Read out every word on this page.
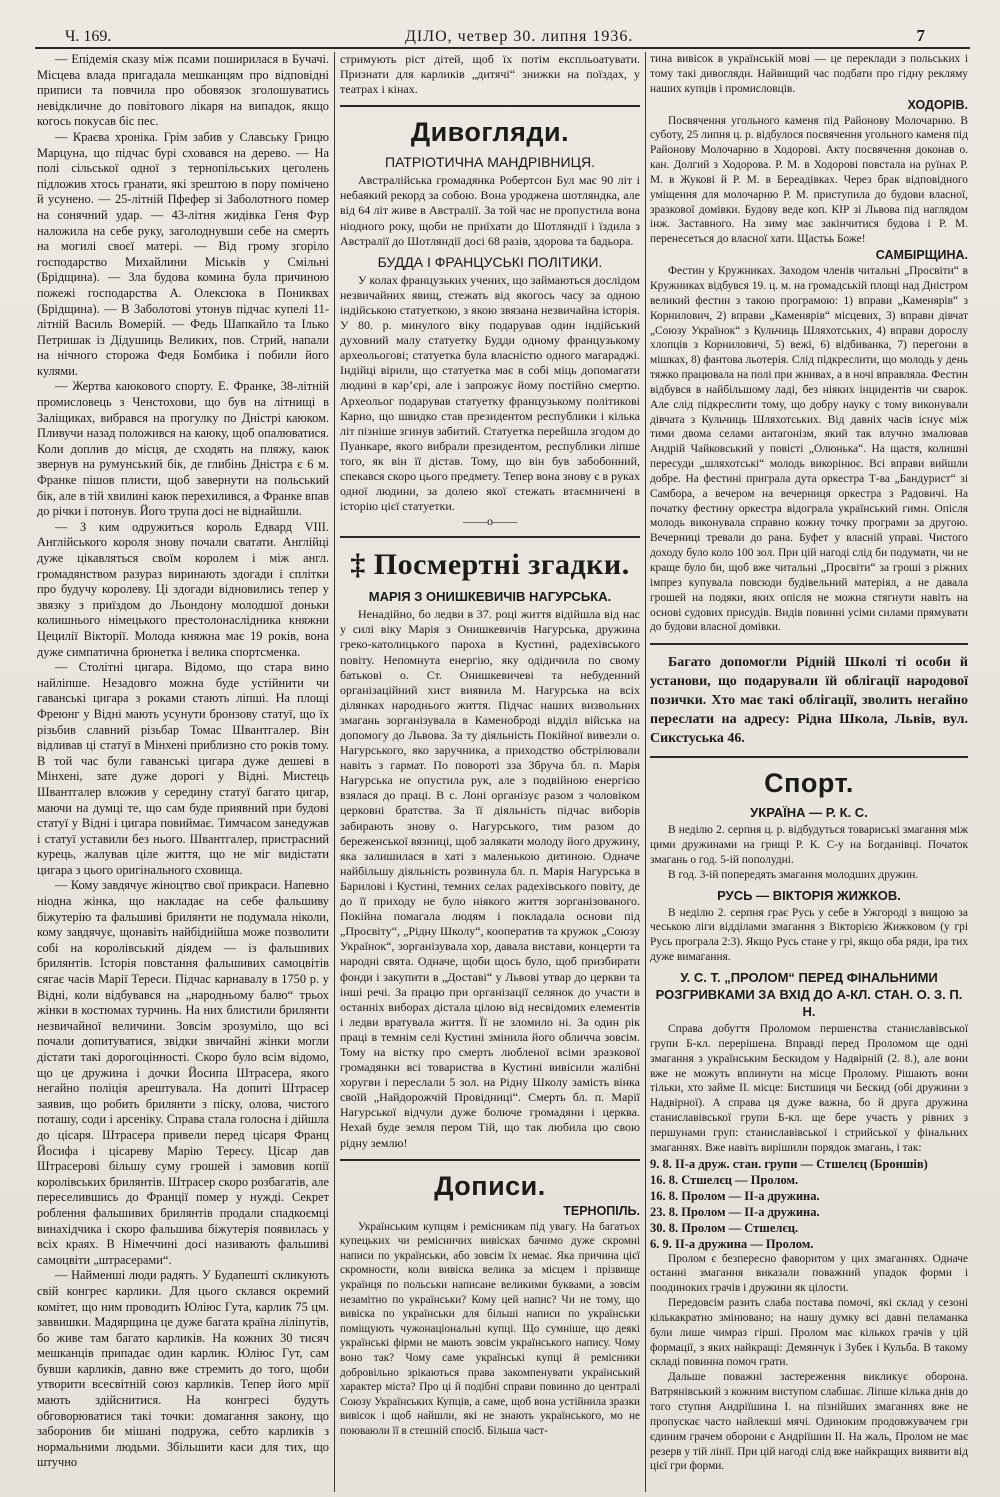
Ч. 169.	ДІЛО, четвер 30. липня 1936.	7

— Епідемія сказу між псами поширилася в Бучачі. Місцева влада пригадала мешканцям про відповідні приписи та повчила про обовязок зголошуватись невідкличне до повітового лікаря на випадок, якщо когось покусав біс пес.

— Краєва хроніка. Грім забив у Славську Грицю Марцуна, що підчас бурі сховався на дерево. — На полі сільської одної з тернопільських цеголень підложив хтось гранати, які зрештою в пору помічено й усунено. — 25-літній Пфефер зі Заболотного помер на сонячний удар. — 43-літня жидівка Геня Фур наложила на себе руку, заголоднувши себе на смерть на могилі своєї матері. — Від грому згоріло господарство Михайлини Міськів у Смільні (Брідщина). — Зла будова комина була причиною пожежі господарства А. Олексюка в Пониквах (Брідщина). — В Заболотові утонув підчас купелі 11-літній Василь Вомерій. — Федь Шапкайло та Ілько Петришак із Дідушиць Великих, пов. Стрий, напали на нічного сторожа Федя Бомбика і побили його кулями.

— Жертва каюкового спорту. Е. Франке, 38-літній промисловець з Ченстохови, що був на літнищі в Заліщиках, вибрався на прогулку по Дністрі каюком. Пливучи назад положився на каюку, щоб опалюватися. Коли доплив до місця, де сходять на пляжу, каюк звернув на румунський бік, де глибінь Дністра є 6 м. Франке пішов плисти, щоб завернути на польський бік, але в тій хвилині каюк перехилився, а Франке впав до річки і потонув. Його трупа досі не віднайшли.

— З ким одружиться король Едвард VIII. Англійського короля знову почали сватати. Англійці дуже цікавляться своїм королем і між англ. громадянством разураз виринають здогади і сплітки про будучу королеву. Ці здогади відновились тепер у звязку з приїздом до Льондону молодшої доньки колишнього німецького престолонаслідника княжни Цецилії Вікторії. Молода княжна має 19 років, вона дуже симпатична брюнетка і велика спортсменка.

— Столітні цигара. Відомо, що стара вино найліпше. Незадовго можна буде устійнити чи гаванські цигара з роками стають ліпші. На площі Фреюнг у Відні мають усунути бронзову статуї, що їх різьбив славний різьбар Томас Швантгалер. Він відливав ці статуї в Мінхені приблизно сто років тому. В той час були гаванські цигара дуже дешеві в Мінхені, зате дуже дорогі у Відні. Мистець Швантгалер вложив у середину статуї багато цигар, маючи на думці те, що сам буде приявний при будові статуї у Відні і цигара повиймає. Тимчасом занедужав і статуї уставили без нього. Швантгалер, пристрасний курець, жалував ціле життя, що не міг видістати цигара з цього оригінального сховища.

— Кому завдячує жіноцтво свої прикраси. Напевно ніодна жінка, що накладає на себе фальшиву біжутерію та фальшиві брилянти не подумала ніколи, кому завдячує, щонавіть найбіднійша може позволити собі на королівський діядем — із фальшивих брилянтів. Історія повстання фальшивих самоцвітів сягає часів Марії Тереси. Підчас карнавалу в 1750 р. у Відні, коли відбувався на „народньому балю“ трьох жінки в костюмах турчинь. На них блистили брилянти незвичайної величини. Зовсім зрозуміло, що всі почали допитуватися, звідки звичайні жінки могли дістати такі дорогоцінності. Скоро було всім відомо, що це дружина і дочки Йосипа Штрасера, якого негайно поліція арештувала. На допиті Штрасер заявив, що робить брилянти з піску, олова, чистого поташу, соди і арсеніку. Справа стала голосна і дійшла до цісаря. Штрасера привели перед цісаря Франц Йосифа і цісареву Марію Тересу. Цісар дав Штрасерові більшу суму грошей і замовив копії королівських брилянтів. Штрасер скоро розбагатів, але переселившись до Франції помер у нужді. Секрет роблення фальшивих брилянтів продали спадкоємці винахідчика і скоро фальшива біжутерія появилась у всіх краях. В Німеччині досі називають фальшиві самоцвіти „штрасерами“.

— Найменші люди радять. У Будапешті скликують свій конгрес карлики. Для цього склався окремий комітет, що ним проводить Юліюс Гута, карлик 75 цм. заввишки. Мадярщина це дуже багата країна ліліпутів, бо живе там багато карликів. На кожних 30 тисяч мешканців припадає один карлик. Юліюс Гут, сам бувши карликів, давно вже стремить до того, щоби утворити всесвітній союз карликів. Тепер його мрії мають здійснитися. На конгресі будуть обговорюватися такі точки: домагання закону, що заборонив би мішані подружа, себто карликів з нормальними людьми. Збільшити каси для тих, що штучно

стримують ріст дітей, щоб їх потім експльоатувати. Признати для карликів „дитячі“ знижки на поїздах, у театрах і кінах.

Дивогляди.
ПАТРІОТИЧНА МАНДРІВНИЦЯ.

Австралійська громадянка Робертсон Бул має 90 літ і небаякий рекорд за собою. Вона уроджена шотляндка, але від 64 літ живе в Австралії. За той час не пропустила вона ніодного року, щоби не приїхати до Шотляндії і їздила з Австралії до Шотляндії досі 68 разів, здорова та бадьора.

БУДДА І ФРАНЦУСЬКІ ПОЛІТИКИ.

У колах французьких учених, що займаються дослідом незвичайних явищ, стежать від якогось часу за одною індійською статуеткою, з якою звязана незвичайна історія. У 80. р. минулого віку подарував один індійський духовний малу статуетку Будди одному французькому археольогові; статуетка була власністю одного магараджі. Індійці вірили, що статуетка має в собі міць допомагати людині в кар’єрі, але і запрожує йому постійно смертю. Археольог подарував статуетку французькому політикові Карно, що швидко став президентом республики і кілька літ пізніше згинув забитий. Статуетка перейшла згодом до Пуанкаре, якого вибрали президентом, республики ліпше того, як він її дістав. Тому, що він був забобонний, спекався скоро цього предмету. Тепер вона знову є в руках одної людини, за долею якої стежать втаємничені в історію цієї статуетки.

——o——
‡ Посмертні згадки.
МАРІЯ З ОНИШКЕВИЧІВ НАГУРСЬКА.

Ненадійно, бо ледви в 37. році життя відійшла від нас у силі віку Марія з Онишкевичів Нагурська, дружина греко-католицького пароха в Кустині, радехівського повіту. Непомнута енергію, яку одідичила по свому батькові о. Ст. Онишкевичеві та небуденний організаційний хист виявила М. Нагурська на всіх ділянках народнього життя. Підчас наших визвольних змагань зорганізувала в Каменоброді відділ війська на допомогу до Львова. За ту діяльність Покійної вивезли о. Нагурського, яко заручника, а приходство обстрілювали навіть з гармат. По повороті зза Збруча бл. п. Марія Нагурська не опустила рук, але з подвійною енергією взялася до праці. В с. Лоні організує разом з чоловіком церковні братства. За її діяльність підчас виборів забирають знову о. Нагурського, тим разом до береженської вязниці, щоб залякати молоду його дружину, яка залишилася в хаті з маленькою дитиною. Одначе найбільшу діяльність розвинула бл. п. Марія Нагурська в Барилові і Кустині, темних селах радехівського повіту, де до її приходу не було ніякого життя зорганізованого. Покійна помагала людям і покладала основи під „Просвіту“, „Рідну Школу“, кооператив та кружок „Союзу Українок“, зорганізувала хор, давала вистави, концерти та народні свята. Одначе, щоби щось було, щоб призбирати фонди і закупити в „Доставі“ у Львові утвар до церкви та інші речі. За працю при організації селянок до участи в останніх виборах дістала цілою від несвідомих елементів і ледви вратувала життя. Її не зломило ні. За один рік праці в темнім селі Кустині змінила його обличча зовсім. Тому на вістку про смерть любленої всіми зразкової громадянки всі товариства в Кустині вивісили жалібні хоругви і переслали 5 зол. на Рідну Школу замість вінка своїй „Найдорожчій Провідниці“. Смерть бл. п. Марії Нагурської відчули дуже болюче громадяни і церква. Нехай буде земля пером Тій, що так любила цю свою рідну землю!

Дописи.
ТЕРНОПІЛЬ.

Українським купцям і ремісникам під увагу. На багатьох купецьких чи ремісничих вивісках бачимо дуже скромні написи по українськи, або зовсім їх немає. Яка причина цієї скромности, коли вивіска велика за місцем і прізвище українця по польськи написане великими буквами, а зовсім незамітно по українськи? Кому цей напис? Чи не тому, що вивіска по українськи для більші написи по українськи поміщують чужонаціональні купці. Що сумніше, що деякі українські фірми не мають зовсім українського напису. Чому воно так? Чому саме українські купці й ремісники добровільно зрікаються права закомпенувати український характер міста? Про ці й подібні справи повинно до централі Союзу Українських Купців, а саме, щоб вона устійнила зразки вивісок і щоб найшли, які не знають українського, мо не поюваюли її в стешній спосіб. Більша част-

тина вивісок в українській мові — це переклади з польських і тому такі дивогляди. Найвищий час подбати про гідну рекляму наших купців і промисловців.

ХОДОРІВ.

Посвячення угольного каменя під Районову Молочарню. В суботу, 25 липня ц. р. відбулося посвячення угольного каменя під Районову Молочарню в Ходорові. Акту посвячення доконав о. кан. Долгий з Ходорова. Р. М. в Ходорові повстала на руїнах Р. М. в Жукові й Р. М. в Береадівках. Через брак відповідного уміщення для молочарню Р. М. приступила до будови власної, зразкової домівки. Будову веде коп. КІР зі Львова під наглядом інж. Заставного. На зиму має закінчитися будова і Р. М. перенесеться до власної хати. Щастьь Боже!

САМБІРЩИНА.

Фестин у Кружниках. Заходом членів читальні „Просвіти“ в Кружниках відбувся 19. ц. м. на громадській площі над Дністром великий фестин з такою програмою: 1) вправи „Каменярів“ з Корнилович, 2) вправи „Каменярів“ місцевих, 3) вправи дівчат „Союзу Українок“ з Кульчиць Шляхотських, 4) вправи дорослу хлопців з Корниловичі, 5) вежі, 6) відбиванка, 7) перегони в мішках, 8) фантова льотерія. Слід підкреслити, що молодь у день тяжко працювала на полі при жнивах, а в ночі вправляла. Фестин відбувся в найбільшому ладі, без ніяких інцидентів чи сварок. Але слід підкреслити тому, що добру науку с тому виконували дівчата з Кульчиць Шляхотських. Від давніх часів існує між тими двома селами антагонізм, який так влучно змалював Андрій Чайковський у повісті „Олюнька“. На щастя, колишні пересуди „шляхотські“ молодь викорінює. Всі вправи вийшли добре. На фестині приграла дута оркестра Т-ва „Бандурист“ зі Самбора, а вечером на вечерниця оркестра з Радовичі. На початку фестину оркестра відограла український гимн. Опісля молодь виконувала справно кожну точку програми за другою. Вечерниці тревали до рана. Буфет у власній управі. Чистого доходу було коло 100 зол. При цій нагоді слід би подумати, чи не краще було би, щоб вже читальні „Просвіти“ за гроші з ріжних імпрез купувала повсюди будівельний матеріял, а не давала грошей на подяки, яких опісля не можна стягнути навіть на основі судових присудів. Видів повинні усіми силами прямувати до будови власної домівки.

Багато допомогли Рідній Школі ті особи й установи, що подарували їй облігації народової позички. Хто має такі облігації, зволить негайно переслати на адресу: Рідна Школа, Львів, вул. Сикстуська 46.

Спорт.
УКРАЇНА — Р. К. С.

В неділю 2. серпня ц. р. відбудуться товариські змагання між цими дружинами на грищі Р. К. С-у на Богданівці. Початок змагань о год. 5-ій пополудні.

В год. 3-ій попередять змагання молодших дружин.

РУСЬ — ВІКТОРІЯ ЖИЖКОВ.

В неділю 2. серпня грає Русь у себе в Ужгороді з вищою за чеською ліги відділами змагання з Вікторією Жижковом (у грі Русь програла 2:3). Якщо Русь стане у грі, якщо оба ряди, іра тих дуже вимагання.

У. С. Т. „ПРОЛОМ“ ПЕРЕД ФІНАЛЬНИМИ РОЗГРИВКАМИ ЗА ВХІД ДО А-КЛ. СТАН. О. З. П. Н.

Справа добуття Проломом першенства станиславівської групи Б-кл. перерішена. Вправді перед Проломом ще одні змагання з українським Бескидом у Надвірній (2. 8.), але вони вже не можуть вплинути на місце Пролому. Рішають вони тільки, хто займе II. місце: Бистшиця чи Бескид (обі дружини з Надвірної). А справа ця дуже важна, бо й друга дружина станиславівської групи Б-кл. ще бере участь у рівних з першунами груп: станиславівської і стрийської у фінальних змаганнях. Вже навіть вирішили порядок змагань, і так:

9. 8. II-а друж. стан. групи — Стшелєц (Броншів)
16. 8. Стшелєц — Пролом.
16. 8. Пролом — II-а дружина.
23. 8. Пролом — II-а дружина.
30. 8. Пролом — Стшелєц.
6. 9. II-а дружина — Пролом.

Пролом є безпересно фаворитом у цих змаганнях. Одначе останні змагання виказали поважний упадок форми і поодиноких грачів і дружини як цілости.

Передовсім разить слаба постава помочі, які склад у сезоні кількакратно змінювано; на нашу думку всі давні пеламанка були лише чимраз гірші. Пролом має кількох грачів у цій формації, з яких найкращі: Демянчук і Зубек і Кульба. В такому складі повинна помоч грати.

Дальше поважні застереження викликує оборона. Ватрянівський з кожним виступом слабшає. Ліпше кілька днів до того ступня Андріїшина І. на пізнійших змаганнях вже не пропускає часто найлекші мячі. Одиноким продовжувачем гри єдиним грачем оборони є Андріїшин II. На жаль, Пролом не має резерв у тій лінії. При цій нагоді слід вже найкращих виявити від цієї гри форми.
